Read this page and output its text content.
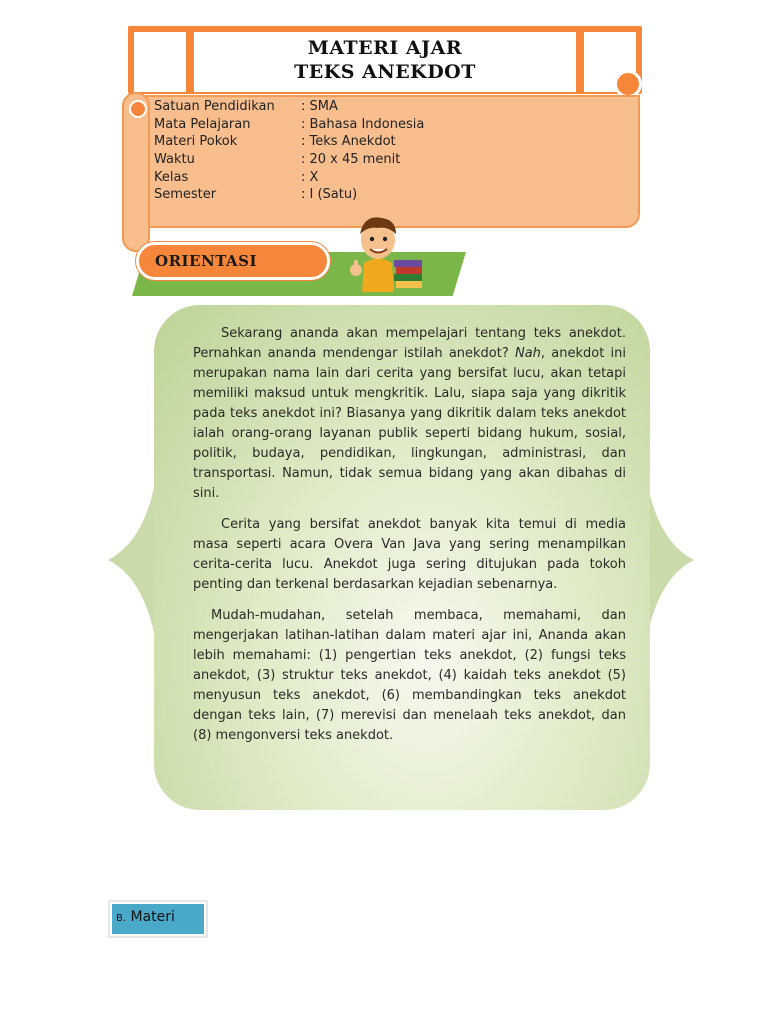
MATERI AJAR
TEKS ANEKDOT
Satuan Pendidikan : SMA
Mata Pelajaran	: Bahasa Indonesia
Materi Pokok	: Teks Anekdot
Waktu	: 20 x 45 menit
Kelas	: X
Semester	: I (Satu)
ORIENTASI

Sekarang ananda akan mempelajari tentang teks anekdot. Pernahkan ananda mendengar istilah anekdot? Nah, anekdot ini merupakan nama lain dari cerita yang bersifat lucu, akan tetapi memiliki maksud untuk mengkritik. Lalu, siapa saja yang dikritik pada teks anekdot ini? Biasanya yang dikritik dalam teks anekdot ialah orang-orang layanan publik seperti bidang hukum, sosial, politik, budaya, pendidikan, lingkungan, administrasi, dan transportasi. Namun, tidak semua bidang yang akan dibahas di sini.

Cerita yang bersifat anekdot banyak kita temui di media masa seperti acara Overa Van Java yang sering menampilkan cerita-cerita lucu. Anekdot juga sering ditujukan pada tokoh penting dan terkenal berdasarkan kejadian sebenarnya.

Mudah-mudahan, setelah membaca, memahami, dan mengerjakan latihan-latihan dalam materi ajar ini, Ananda akan lebih memahami: (1) pengertian teks anekdot, (2) fungsi teks anekdot, (3) struktur teks anekdot, (4) kaidah teks anekdot (5) menyusun teks anekdot, (6) membandingkan teks anekdot dengan teks lain, (7) merevisi dan menelaah teks anekdot, dan (8) mengonversi teks anekdot.

B. Materi
